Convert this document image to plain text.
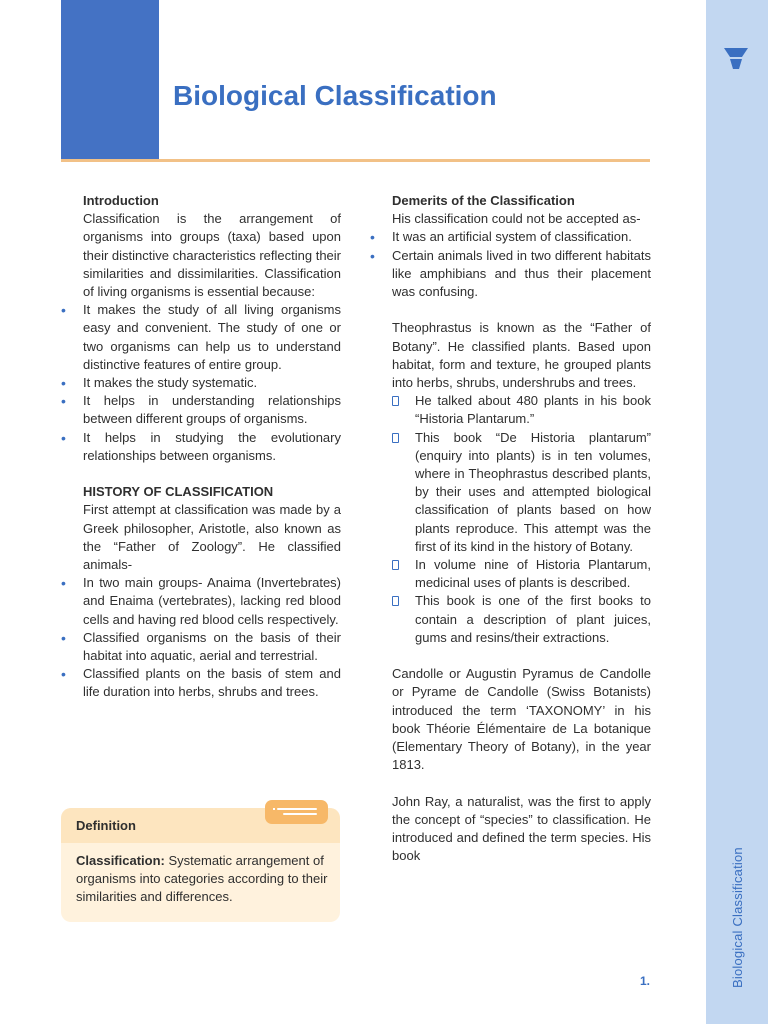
Biological Classification
Biological Classification
Introduction

Classification is the arrangement of organisms into groups (taxa) based upon their distinctive characteristics reflecting their similarities and dissimilarities. Classification of living organisms is essential because:

• It makes the study of all living organisms easy and convenient. The study of one or two organisms can help us to understand distinctive features of entire group.
• It makes the study systematic.
• It helps in understanding relationships between different groups of organisms.
• It helps in studying the evolutionary relationships between organisms.
HISTORY OF CLASSIFICATION

First attempt at classification was made by a Greek philosopher, Aristotle, also known as the “Father of Zoology”. He classified animals-

• In two main groups- Anaima (Invertebrates) and Enaima (vertebrates), lacking red blood cells and having red blood cells respectively.
• Classified organisms on the basis of their habitat into aquatic, aerial and terrestrial.
• Classified plants on the basis of stem and life duration into herbs, shrubs and trees.
Definition

Classification: Systematic arrangement of organisms into categories according to their similarities and differences.

Demerits of the Classification

His classification could not be accepted as-

• It was an artificial system of classification.
• Certain animals lived in two different habitats like amphibians and thus their placement was confusing.

Theophrastus is known as the “Father of Botany”. He classified plants. Based upon habitat, form and texture, he grouped plants into herbs, shrubs, undershrubs and trees.

He talked about 480 plants in his book “Historia Plantarum.”
This book “De Historia plantarum” (enquiry into plants) is in ten volumes, where in Theophrastus described plants, by their uses and attempted biological classification of plants based on how plants reproduce. This attempt was the first of its kind in the history of Botany.
In volume nine of Historia Plantarum, medicinal uses of plants is described.
This book is one of the first books to contain a description of plant juices, gums and resins/their extractions.

Candolle or Augustin Pyramus de Candolle or Pyrame de Candolle (Swiss Botanists) introduced the term ‘TAXONOMY’ in his book Théorie Élémentaire de La botanique (Elementary Theory of Botany), in the year 1813.

John Ray, a naturalist, was the first to apply the concept of “species” to classification. He introduced and defined the term species. His book

1.
